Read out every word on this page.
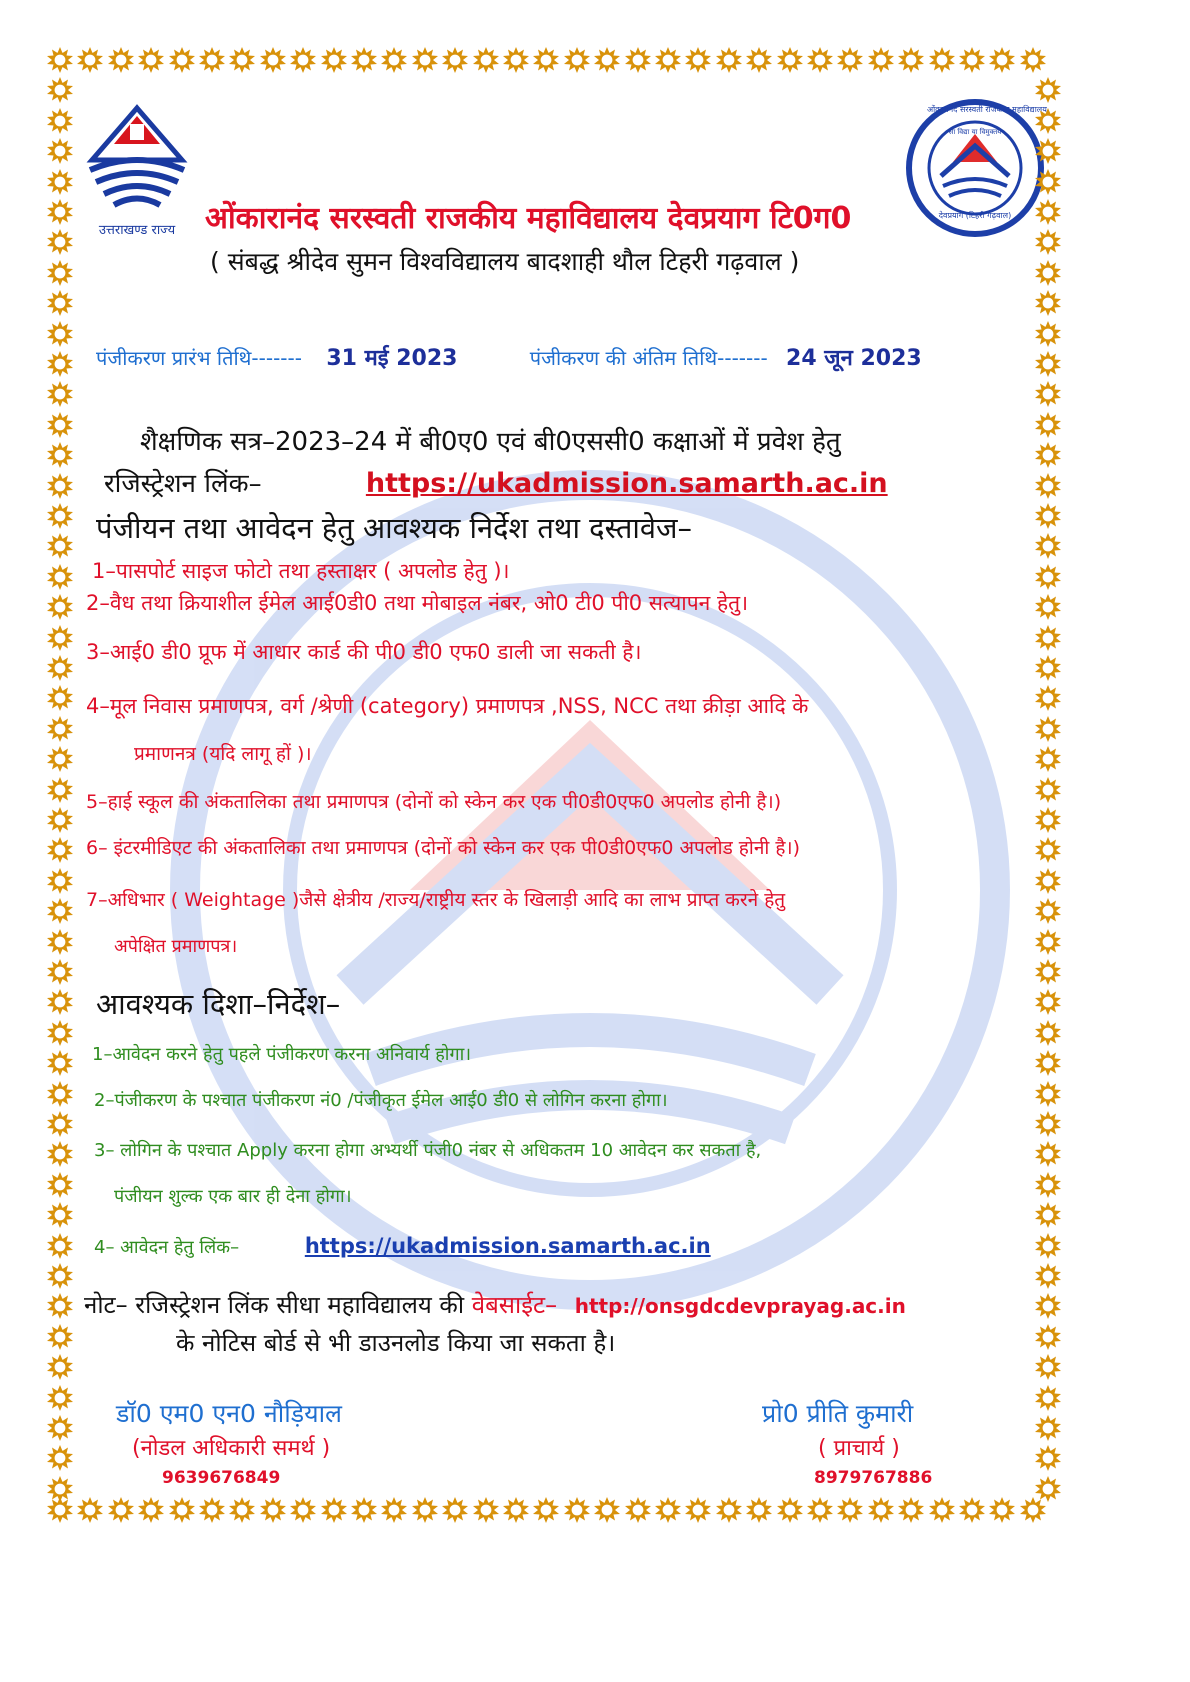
उत्तराखण्ड राज्य
ओंकारानंद सरस्वती राजकीय महाविद्यालय
सा विद्या या विमुक्तये
देवप्रयाग (टिहरी गढ़वाल)
ओंकारानंद सरस्वती राजकीय महाविद्यालय देवप्रयाग टि0ग0
( संबद्ध श्रीदेव सुमन विश्वविद्यालय बादशाही थौल टिहरी गढ़वाल )
पंजीकरण प्रारंभ तिथि------- 31 मई 2023	पंजीकरण की अंतिम तिथि------- 24 जून 2023
शैक्षणिक सत्र–2023–24 में बी0ए0 एवं बी0एससी0 कक्षाओं में प्रवेश हेतु
रजिस्ट्रेशन लिंक–	https://ukadmission.samarth.ac.in
पंजीयन तथा आवेदन हेतु आवश्यक निर्देश तथा दस्तावेज–
1–पासपोर्ट साइज फोटो तथा हस्ताक्षर ( अपलोड हेतु )।
2–वैध तथा क्रियाशील ईमेल आई0डी0 तथा मोबाइल नंबर, ओ0 टी0 पी0 सत्यापन हेतु।
3–आई0 डी0 प्रूफ में आधार कार्ड की पी0 डी0 एफ0 डाली जा सकती है।
4–मूल निवास प्रमाणपत्र, वर्ग /श्रेणी (category) प्रमाणपत्र ,NSS, NCC तथा क्रीड़ा आदि के
प्रमाणनत्र (यदि लागू हों )।
5–हाई स्कूल की अंकतालिका तथा प्रमाणपत्र (दोनों को स्केन कर एक पी0डी0एफ0 अपलोड होनी है।)
6– इंटरमीडिएट की अंकतालिका तथा प्रमाणपत्र (दोनों को स्केन कर एक पी0डी0एफ0 अपलोड होनी है।)
7–अधिभार ( Weightage )जैसे क्षेत्रीय /राज्य/राष्ट्रीय स्तर के खिलाड़ी आदि का लाभ प्राप्त करने हेतु
अपेक्षित प्रमाणपत्र।
आवश्यक दिशा–निर्देश–
1–आवेदन करने हेतु पहले पंजीकरण करना अनिवार्य होगा।
2–पंजीकरण के पश्चात पंजीकरण नं0 /पंजीकृत ईमेल आई0 डी0 से लोगिन करना होगा।
3– लोगिन के पश्चात Apply करना होगा अभ्यर्थी पंजी0 नंबर से अधिकतम 10 आवेदन कर सकता है,
पंजीयन शुल्क एक बार ही देना होगा।
4– आवेदन हेतु लिंक–	https://ukadmission.samarth.ac.in
नोट– रजिस्ट्रेशन लिंक सीधा महाविद्यालय की वेबसाईट– http://onsgdcdevprayag.ac.in
के नोटिस बोर्ड से भी डाउनलोड किया जा सकता है।
डॉ0 एम0 एन0 नौड़ियाल
(नोडल अधिकारी समर्थ )
9639676849
प्रो0 प्रीति कुमारी
( प्राचार्य )
8979767886
